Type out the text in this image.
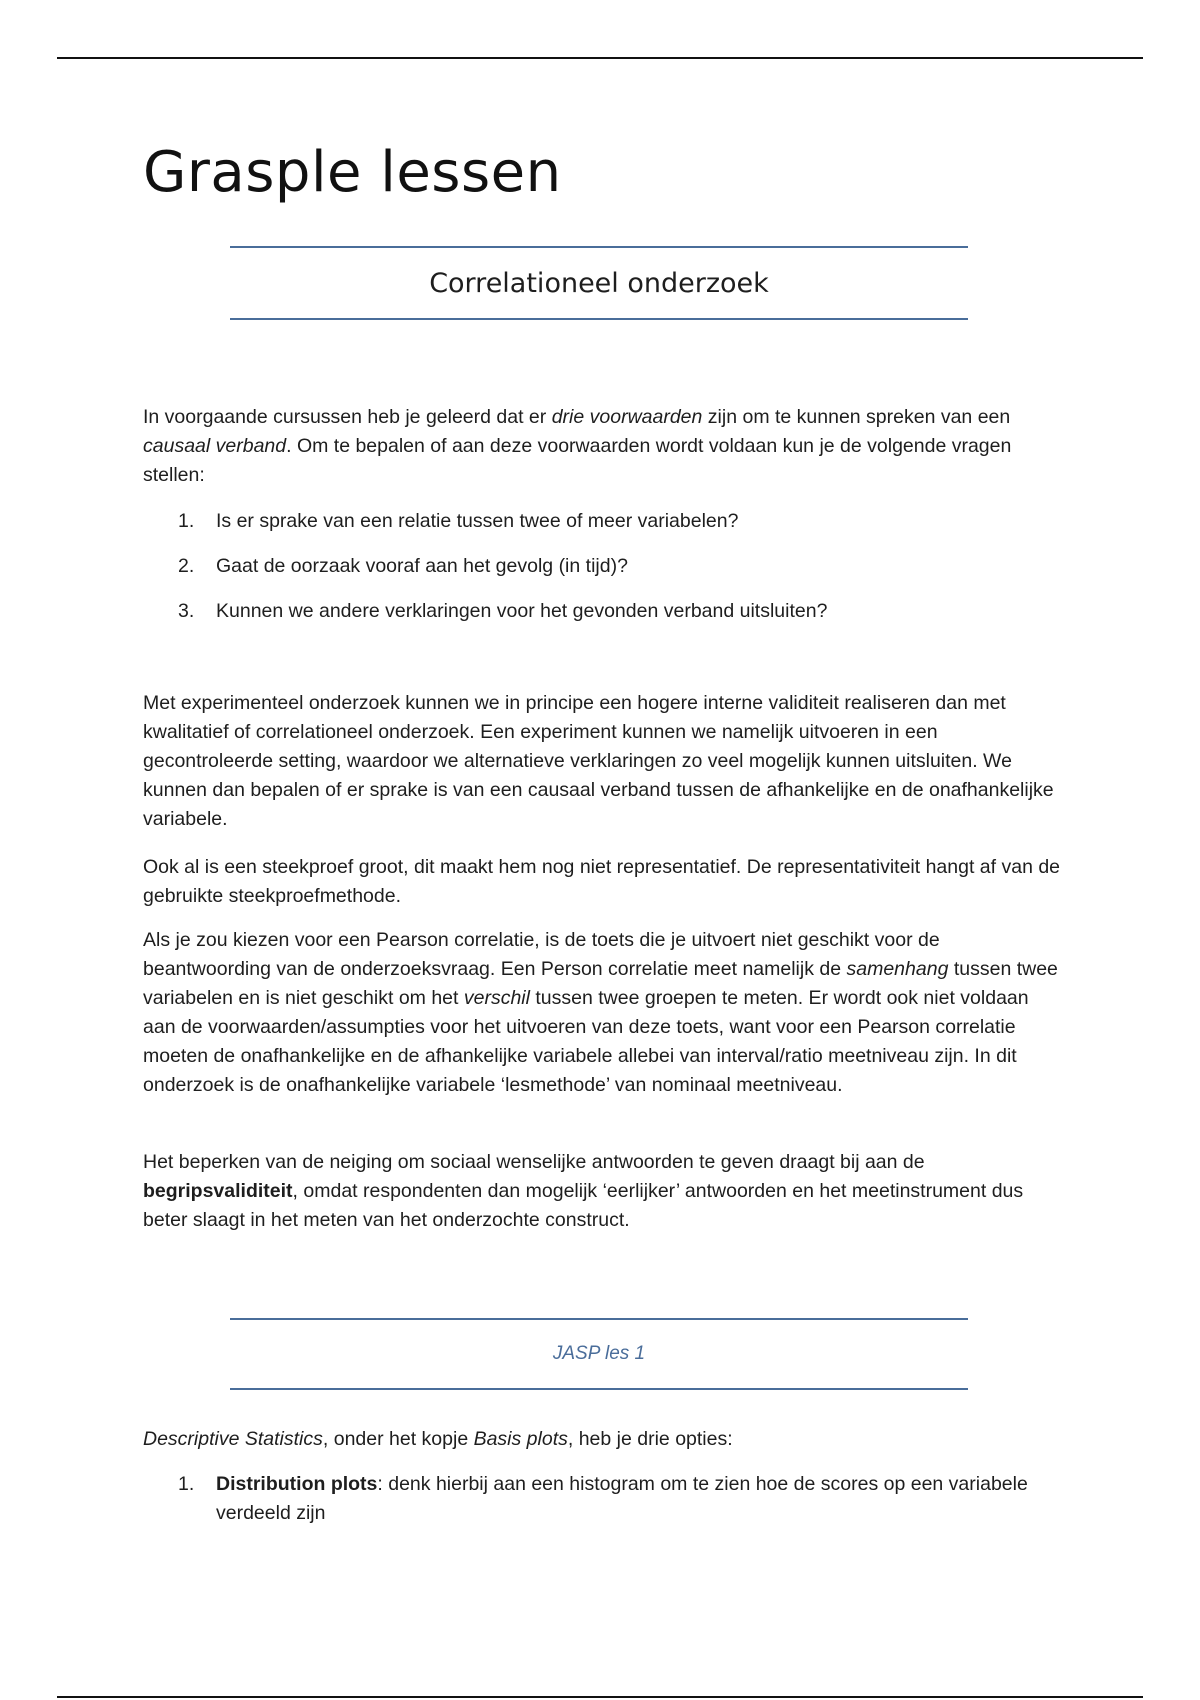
Grasple lessen
Correlationeel onderzoek

In voorgaande cursussen heb je geleerd dat er drie voorwaarden zijn om te kunnen spreken van een causaal verband. Om te bepalen of aan deze voorwaarden wordt voldaan kun je de volgende vragen stellen:

1. Is er sprake van een relatie tussen twee of meer variabelen?
2. Gaat de oorzaak vooraf aan het gevolg (in tijd)?
3. Kunnen we andere verklaringen voor het gevonden verband uitsluiten?

Met experimenteel onderzoek kunnen we in principe een hogere interne validiteit realiseren dan met kwalitatief of correlationeel onderzoek. Een experiment kunnen we namelijk uitvoeren in een gecontroleerde setting, waardoor we alternatieve verklaringen zo veel mogelijk kunnen uitsluiten. We kunnen dan bepalen of er sprake is van een causaal verband tussen de afhankelijke en de onafhankelijke variabele.

Ook al is een steekproef groot, dit maakt hem nog niet representatief. De representativiteit hangt af van de gebruikte steekproefmethode.

Als je zou kiezen voor een Pearson correlatie, is de toets die je uitvoert niet geschikt voor de beantwoording van de onderzoeksvraag. Een Person correlatie meet namelijk de samenhang tussen twee variabelen en is niet geschikt om het verschil tussen twee groepen te meten. Er wordt ook niet voldaan aan de voorwaarden/assumpties voor het uitvoeren van deze toets, want voor een Pearson correlatie moeten de onafhankelijke en de afhankelijke variabele allebei van interval/ratio meetniveau zijn. In dit onderzoek is de onafhankelijke variabele ‘lesmethode’ van nominaal meetniveau.

Het beperken van de neiging om sociaal wenselijke antwoorden te geven draagt bij aan de begripsvaliditeit, omdat respondenten dan mogelijk ‘eerlijker’ antwoorden en het meetinstrument dus beter slaagt in het meten van het onderzochte construct.

JASP les 1

Descriptive Statistics, onder het kopje Basis plots, heb je drie opties:

1. Distribution plots: denk hierbij aan een histogram om te zien hoe de scores op een variabele verdeeld zijn
